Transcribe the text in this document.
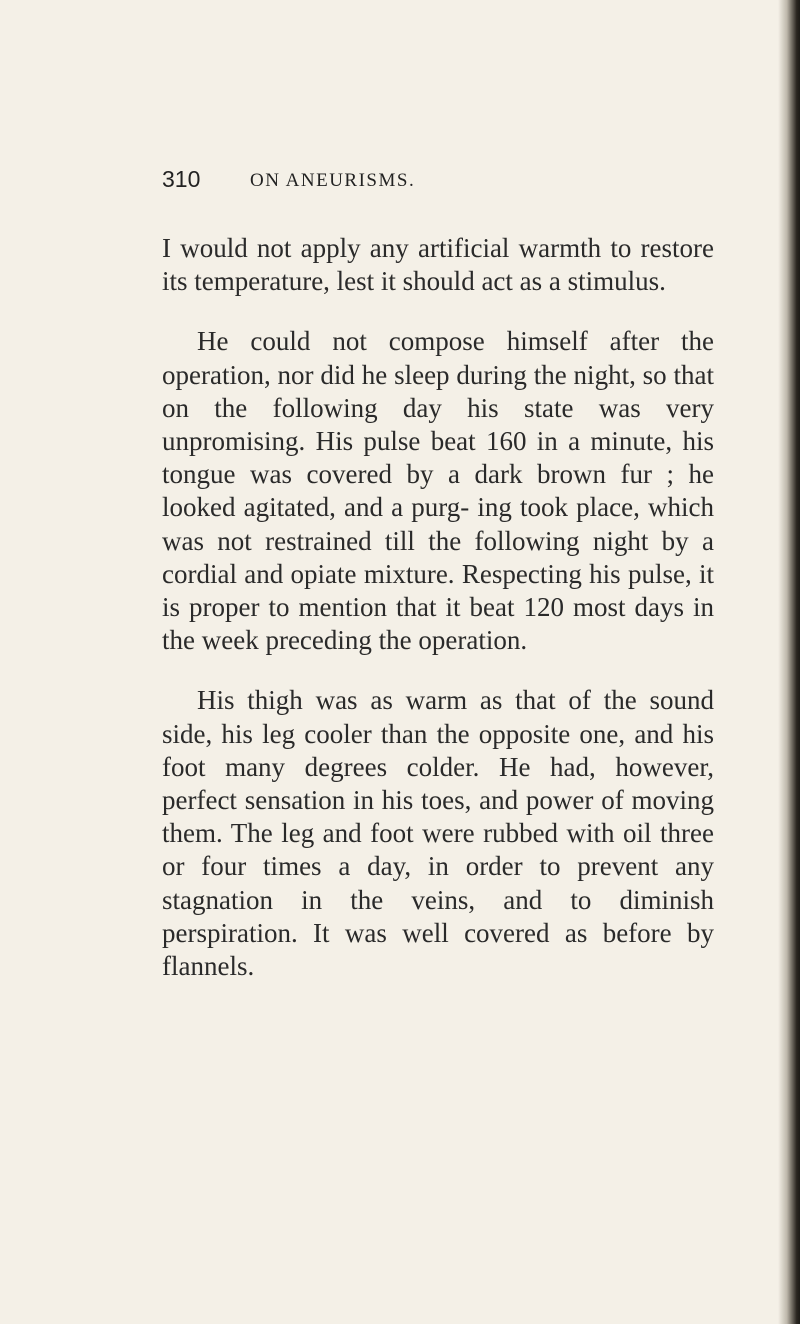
310	ON ANEURISMS.

I would not apply any artificial warmth to restore its temperature, lest it should act as a stimulus.

He could not compose himself after the operation, nor did he sleep during the night, so that on the following day his state was very unpromising. His pulse beat 160 in a minute, his tongue was covered by a dark brown fur ; he looked agitated, and a purg- ing took place, which was not restrained till the following night by a cordial and opiate mixture. Respecting his pulse, it is proper to mention that it beat 120 most days in the week preceding the operation.

His thigh was as warm as that of the sound side, his leg cooler than the opposite one, and his foot many degrees colder. He had, however, perfect sensation in his toes, and power of moving them. The leg and foot were rubbed with oil three or four times a day, in order to prevent any stagnation in the veins, and to diminish perspiration. It was well covered as before by flannels.
